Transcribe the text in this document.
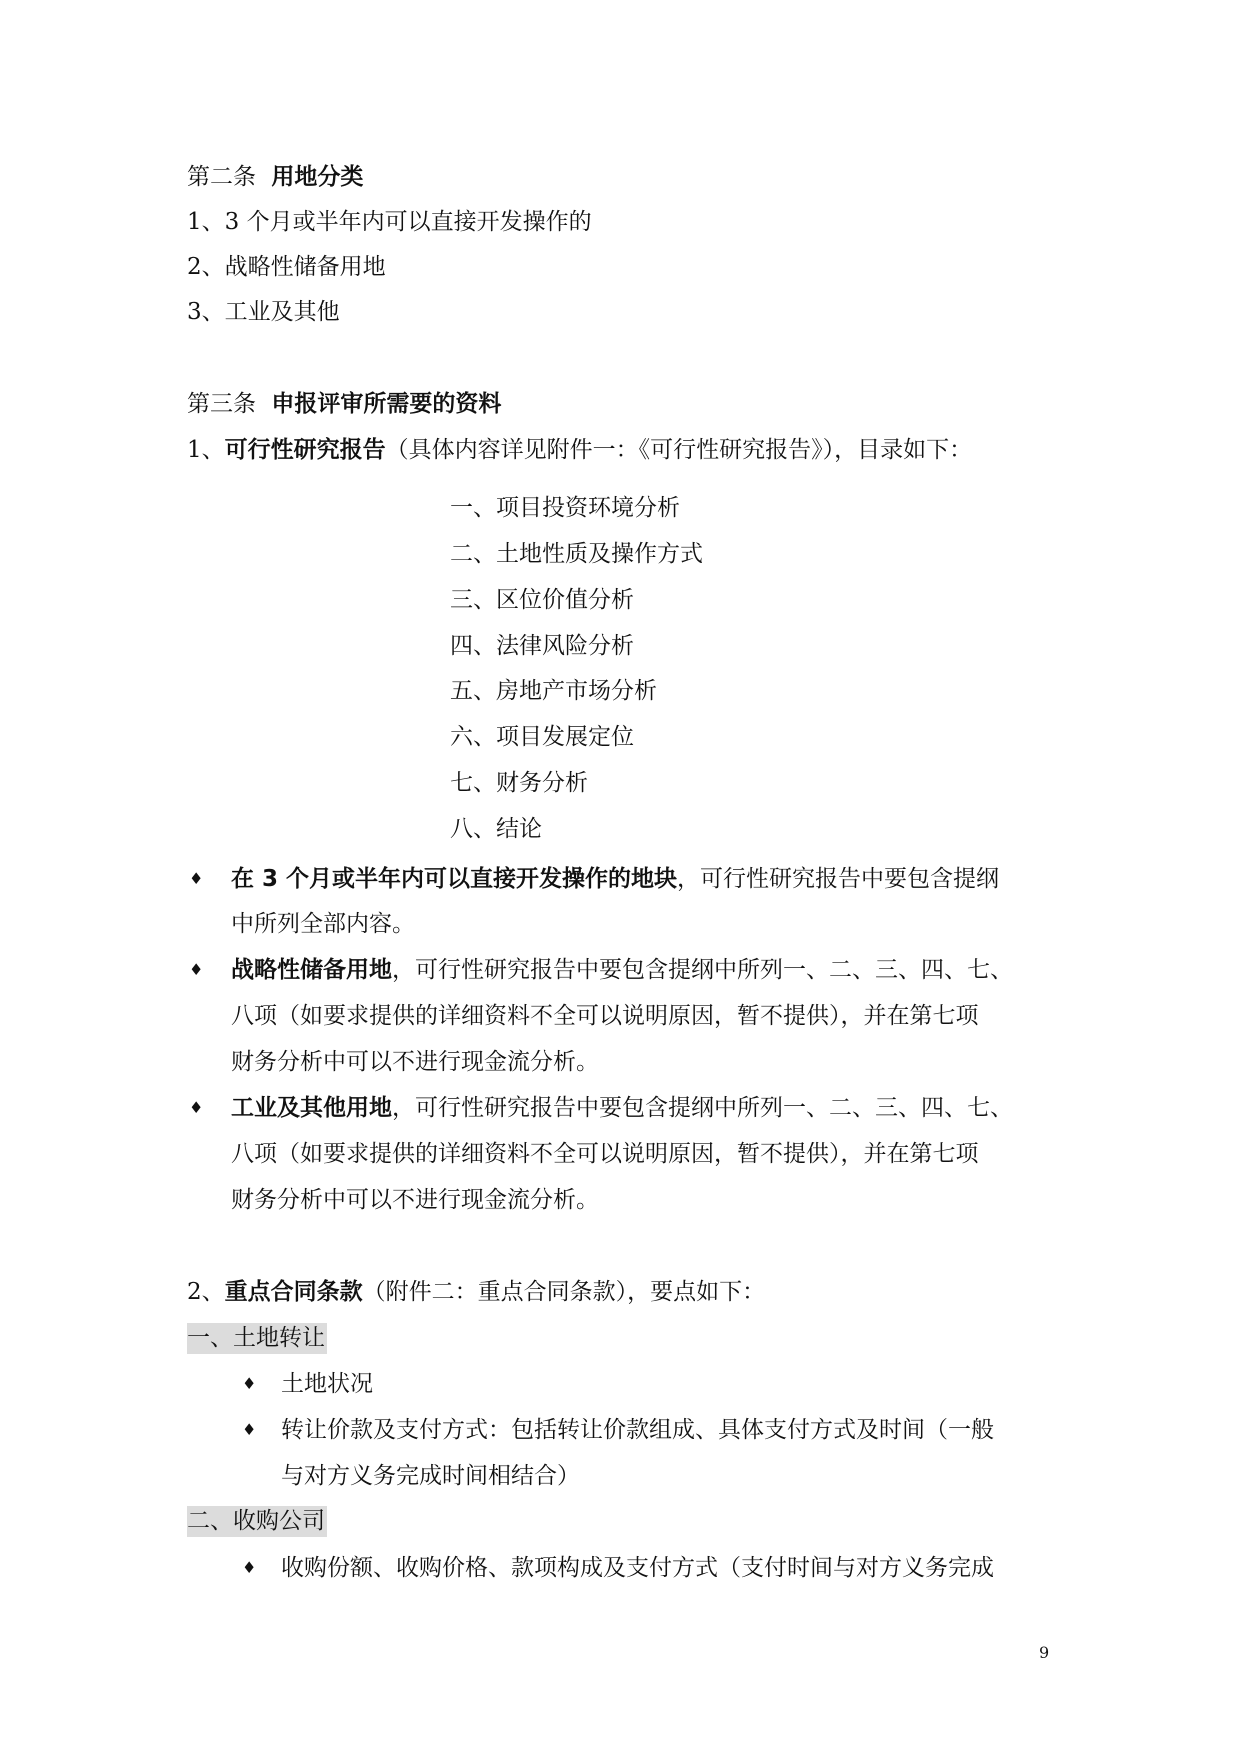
第二条 用地分类
1、3 个月或半年内可以直接开发操作的
2、战略性储备用地
3、工业及其他
第三条 申报评审所需要的资料
1、可行性研究报告（具体内容详见附件一：《可行性研究报告》），目录如下：
一、项目投资环境分析
二、土地性质及操作方式
三、区位价值分析
四、法律风险分析
五、房地产市场分析
六、项目发展定位
七、财务分析
八、结论
♦ 在 3 个月或半年内可以直接开发操作的地块，可行性研究报告中要包含提纲
中所列全部内容。
♦ 战略性储备用地，可行性研究报告中要包含提纲中所列一、二、三、四、七、
八项（如要求提供的详细资料不全可以说明原因，暂不提供），并在第七项
财务分析中可以不进行现金流分析。
♦ 工业及其他用地，可行性研究报告中要包含提纲中所列一、二、三、四、七、
八项（如要求提供的详细资料不全可以说明原因，暂不提供），并在第七项
财务分析中可以不进行现金流分析。
2、重点合同条款（附件二：重点合同条款），要点如下：
一、土地转让
♦ 土地状况
♦ 转让价款及支付方式：包括转让价款组成、具体支付方式及时间（一般
与对方义务完成时间相结合）
二、收购公司
♦ 收购份额、收购价格、款项构成及支付方式（支付时间与对方义务完成
9
